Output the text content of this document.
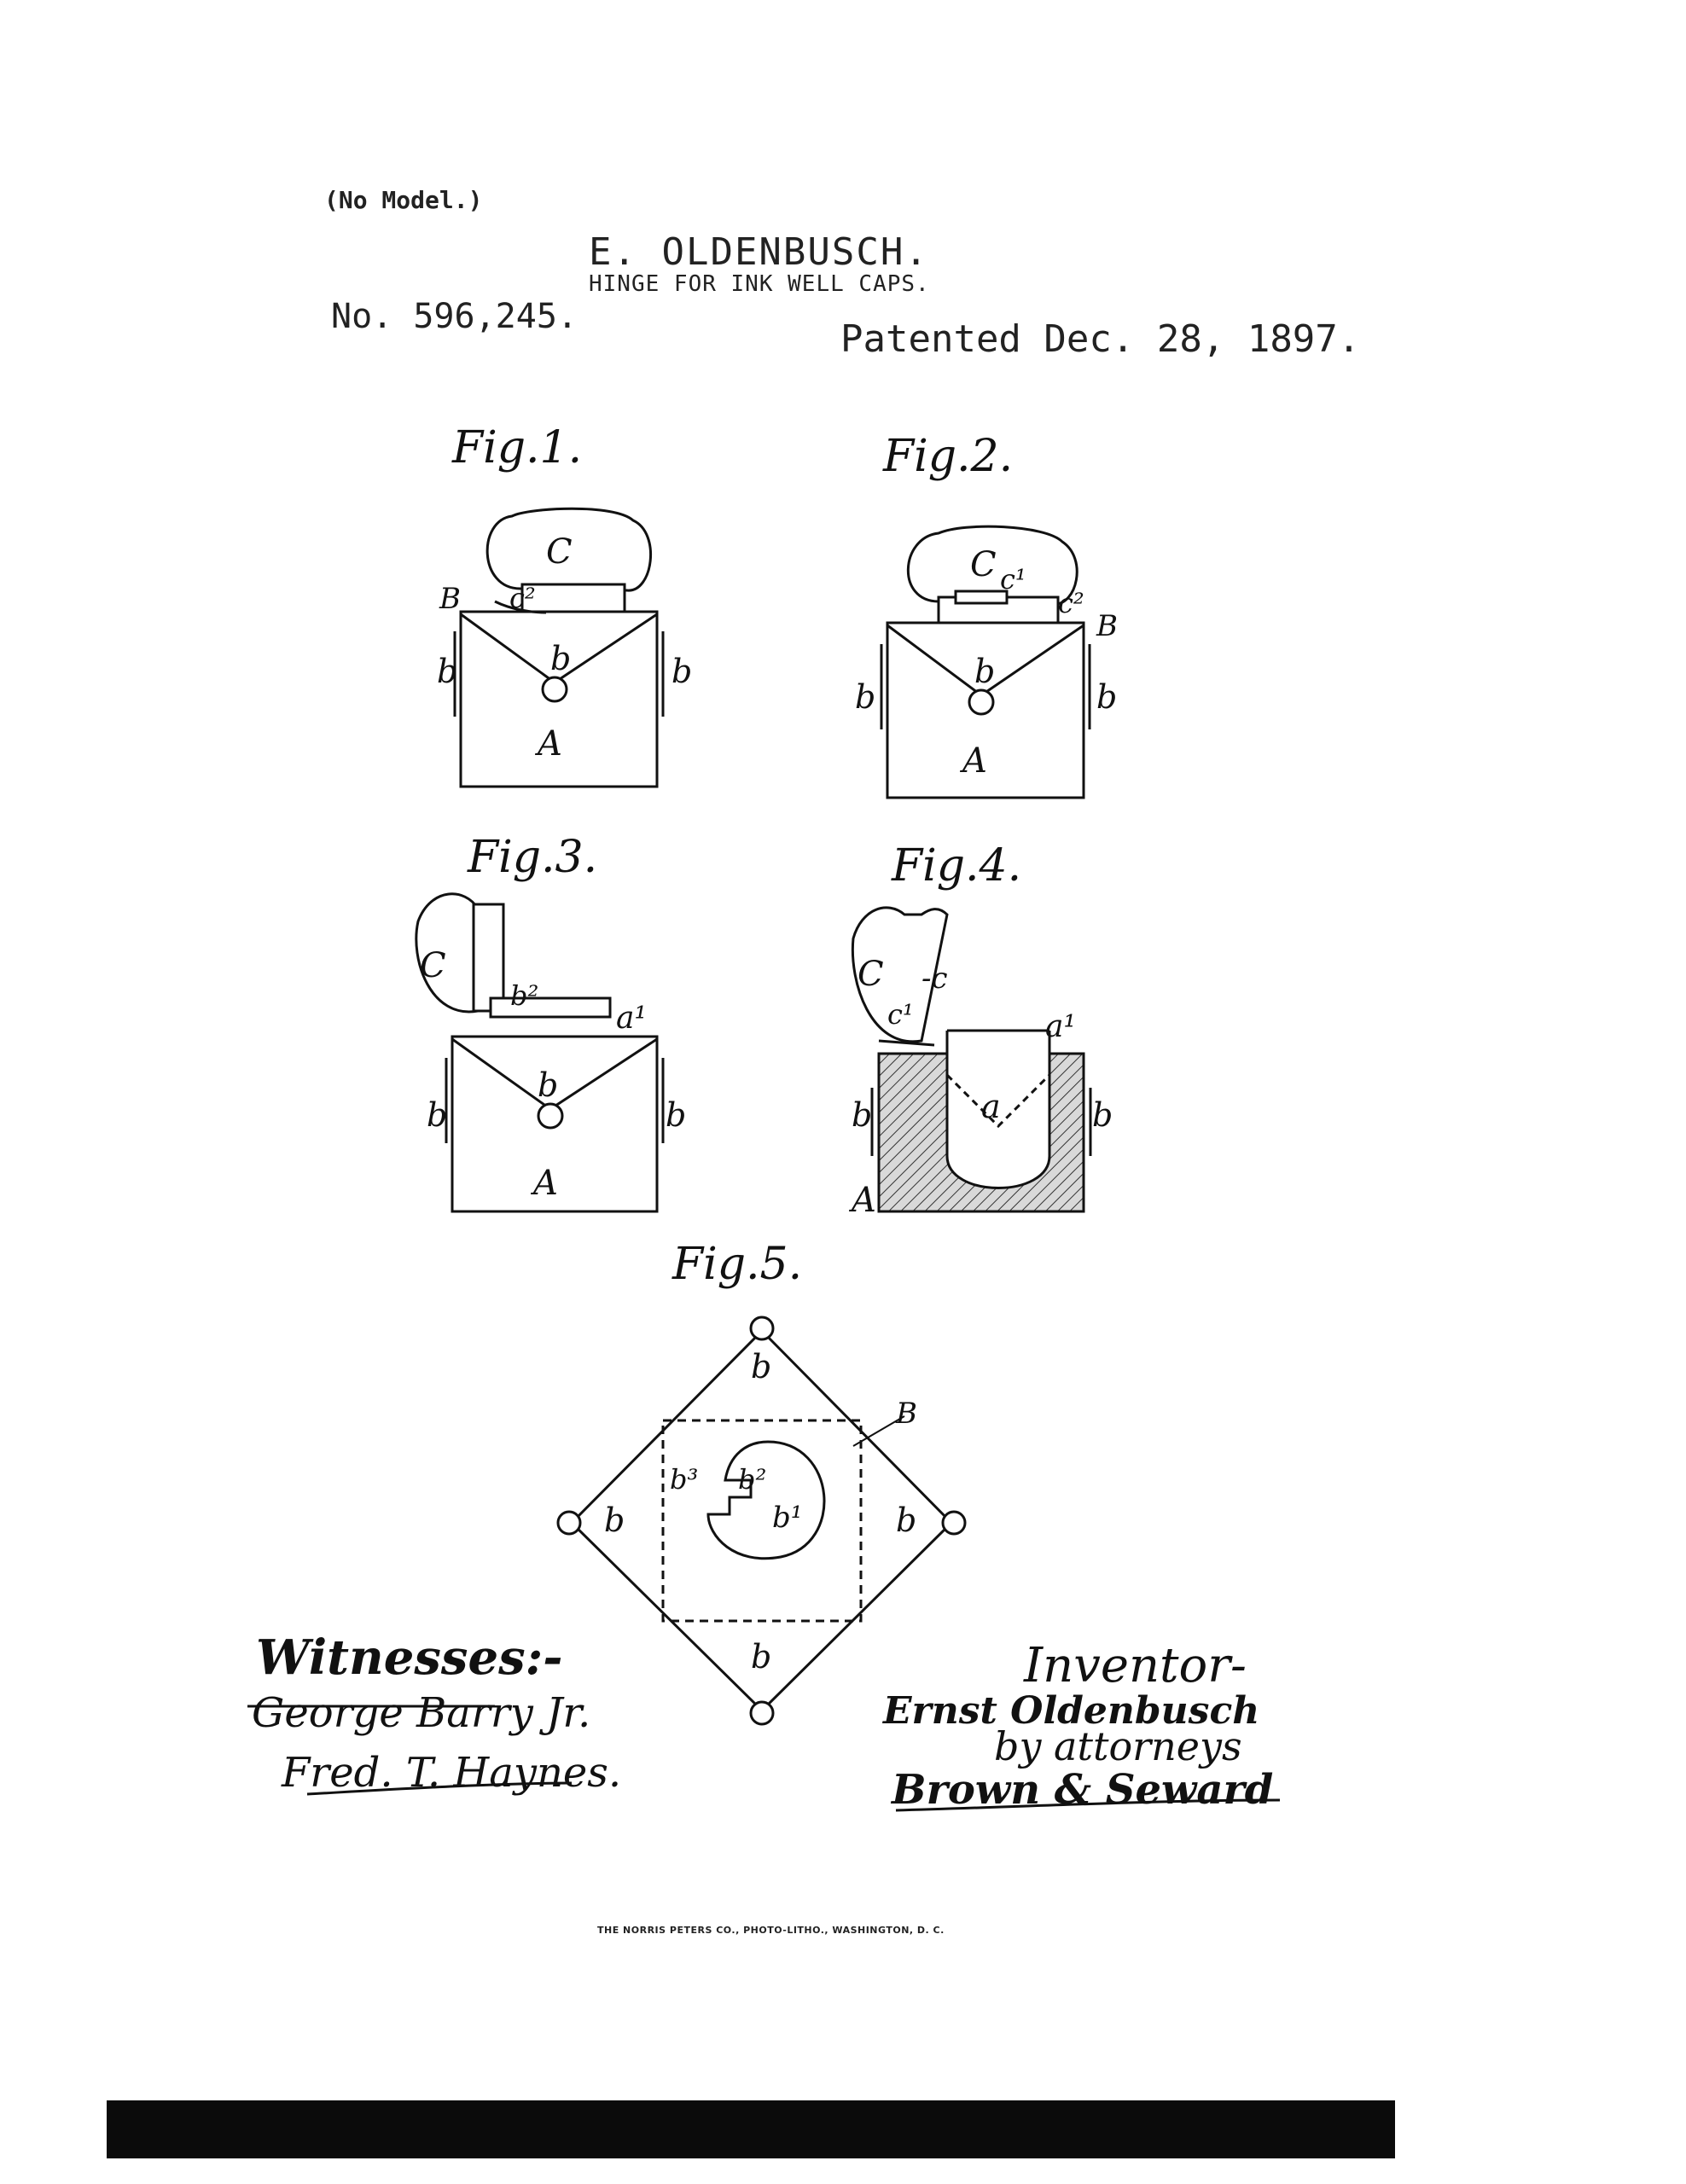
(No Model.)
E. OLDENBUSCH.
HINGE FOR INK WELL CAPS.
No. 596,245.
Patented Dec. 28, 1897.
Fig.1.	Fig.2.
Fig.3.	Fig.4.
Fig.5.
C
B c²
b
b	b
A
C c¹
c²
B
b
b	b
A
C
b²
a¹
b
b	b
A
C -c
c¹	a¹
a
b	b
A
b
B
b³ b²
b¹
b	b
b
Witnesses:-
George Barry Jr.
Fred. T. Haynes.
Inventor-
Ernst Oldenbusch
by attorneys
Brown & Seward
THE NORRIS PETERS CO., PHOTO-LITHO., WASHINGTON, D. C.
